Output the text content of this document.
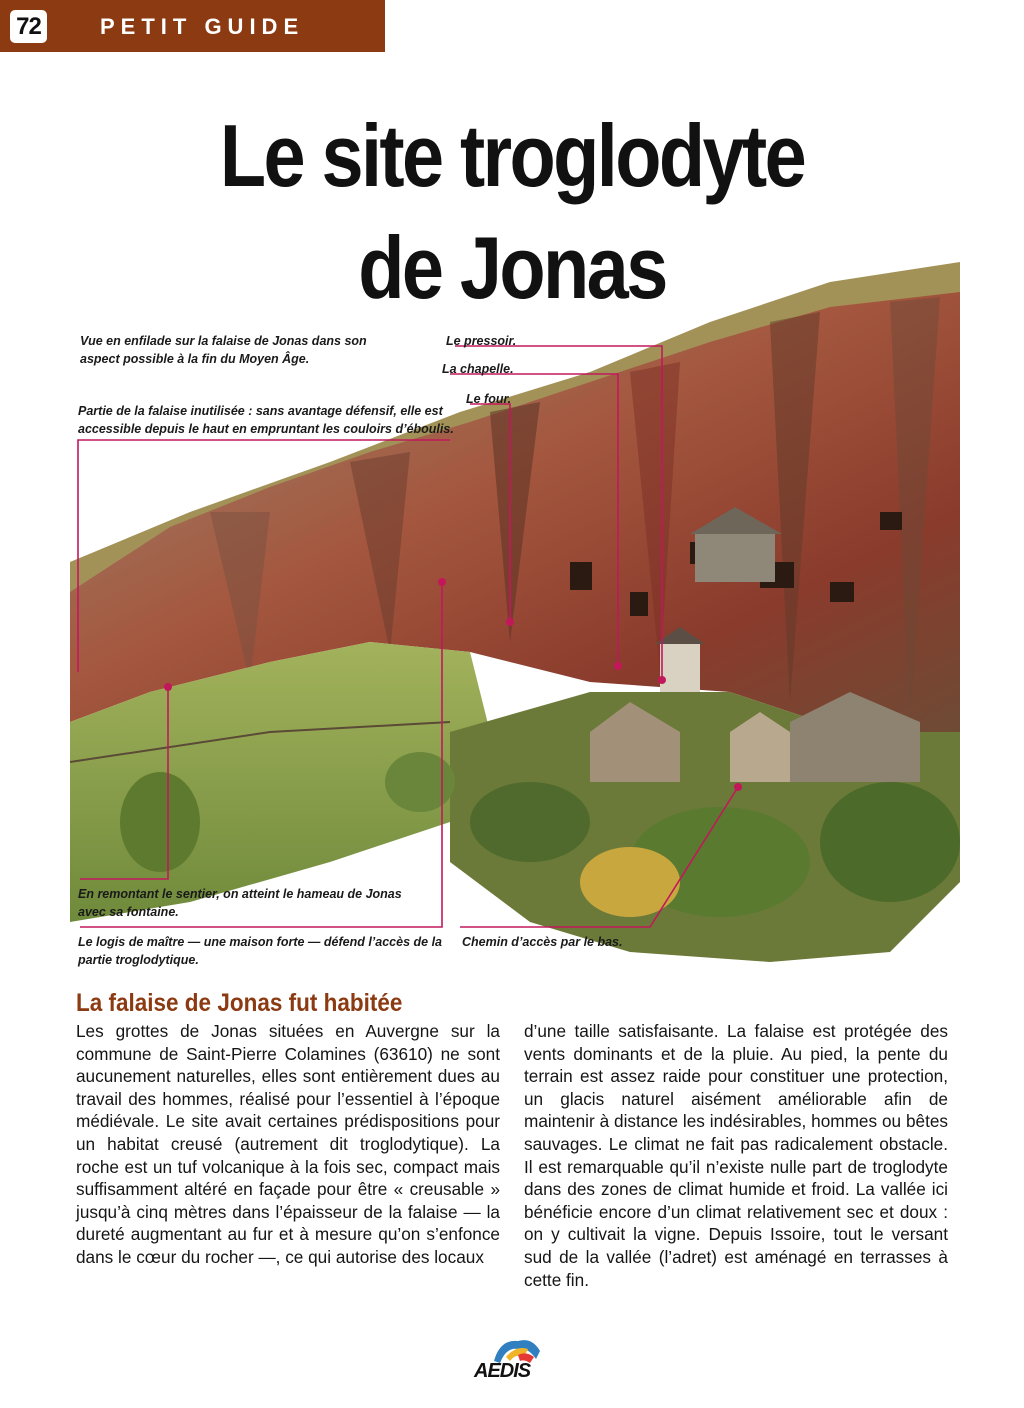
72	PETIT GUIDE
Le site troglodyte
de Jonas
Vue en enfilade sur la falaise de Jonas dans son aspect possible à la fin du Moyen Âge.
Le pressoir.
La chapelle.
Le four.
Partie de la falaise inutilisée : sans avantage défensif, elle est accessible depuis le haut en empruntant les couloirs d’éboulis.
En remontant le sentier, on atteint le hameau de Jonas avec sa fontaine.
Le logis de maître — une maison forte — défend l’accès de la partie troglodytique.
Chemin d’accès par le bas.
La falaise de Jonas fut habitée
Les grottes de Jonas situées en Auvergne sur la commune de Saint-Pierre Colamines (63610) ne sont aucunement naturelles, elles sont entièrement dues au travail des hommes, réalisé pour l’essentiel à l’époque médiévale. Le site avait certaines prédispositions pour un habitat creusé (autrement dit troglodytique). La roche est un tuf volcanique à la fois sec, compact mais suffisamment altéré en façade pour être « creusable » jusqu’à cinq mètres dans l’épaisseur de la falaise — la dureté augmentant au fur et à mesure qu’on s’enfonce dans le cœur du rocher —, ce qui autorise des locaux
d’une taille satisfaisante. La falaise est protégée des vents dominants et de la pluie. Au pied, la pente du terrain est assez raide pour constituer une protection, un glacis naturel aisément améliorable afin de maintenir à distance les indésirables, hommes ou bêtes sauvages. Le climat ne fait pas radicalement obstacle. Il est remarquable qu’il n’existe nulle part de troglodyte dans des zones de climat humide et froid. La vallée ici bénéficie encore d’un climat relativement sec et doux : on y cultivait la vigne. Depuis Issoire, tout le versant sud de la vallée (l’adret) est aménagé en terrasses à cette fin.
AEDIS
